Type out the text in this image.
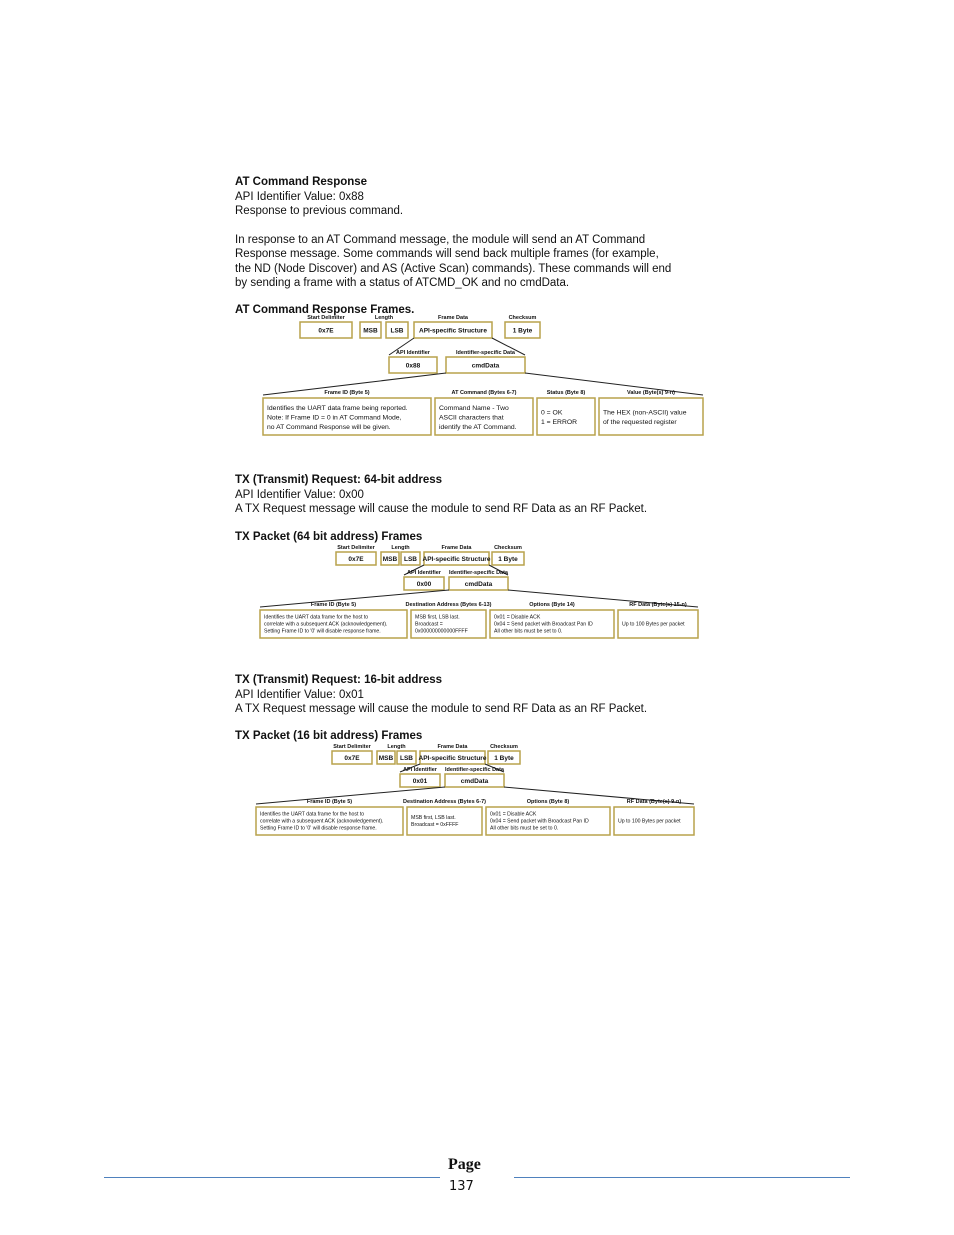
AT Command Response

API Identifier Value: 0x88

Response to previous command.

In response to an AT Command message, the module will send an AT Command

Response message. Some commands will send back multiple frames (for example,

the ND (Node Discover) and AS (Active Scan) commands). These commands will end

by sending a frame with a status of ATCMD_OK and no cmdData.

AT Command Response Frames.

TX (Transmit) Request: 64-bit address

API Identifier Value: 0x00

A TX Request message will cause the module to send RF Data as an RF Packet.

TX Packet (64 bit address) Frames

TX (Transmit) Request: 16-bit address

API Identifier Value: 0x01

A TX Request message will cause the module to send RF Data as an RF Packet.

TX Packet (16 bit address) Frames
Start Delimiter	Length	Frame Data	Checksum
0x7E	MSB LSB API-specific Structure	1 Byte
API Identifier	Identifier-specific Data
0x88	cmdData
Frame ID (Byte 5)
Identifies the UART data frame being reported.
Note: If Frame ID = 0 in AT Command Mode,
no AT Command Response will be given.
AT Command (Bytes 6-7)
Command Name - Two
ASCII characters that
identify the AT Command.
Status (Byte 8)
0 = OK
1 = ERROR
Value (Byte(s) 9-n)
The HEX (non-ASCII) value
of the requested register
Start Delimiter	Length	Frame Data	Checksum
0x7E	MSB LSB API-specific Structure 1 Byte
API Identifier Identifier-specific Data
0x00	cmdData
Frame ID (Byte 5)
Identifies the UART data frame for the host to
correlate with a subsequent ACK (acknowledgement).
Setting Frame ID to '0' will disable response frame.
Destination Address (Bytes 6-13)
MSB first, LSB last.
Broadcast =
0x000000000000FFFF
Options (Byte 14)
0x01 = Disable ACK
0x04 = Send packet with Broadcast Pan ID
All other bits must be set to 0.
RF Data (Byte(s) 15-n)
Up to 100 Bytes per packet
Start Delimiter	Length	Frame Data	Checksum
0x7E	MSB LSB API-specific Structure 1 Byte
API Identifier Identifier-specific Data
0x01	cmdData
Frame ID (Byte 5)
Identifies the UART data frame for the host to
correlate with a subsequent ACK (acknowledgement).
Setting Frame ID to '0' will disable response frame.
Destination Address (Bytes 6-7)
MSB first, LSB last.
Broadcast = 0xFFFF
Options (Byte 8)
0x01 = Disable ACK
0x04 = Send packet with Broadcast Pan ID
All other bits must be set to 0.
RF Data (Byte(s) 9-n)
Up to 100 Bytes per packet
Page
137
